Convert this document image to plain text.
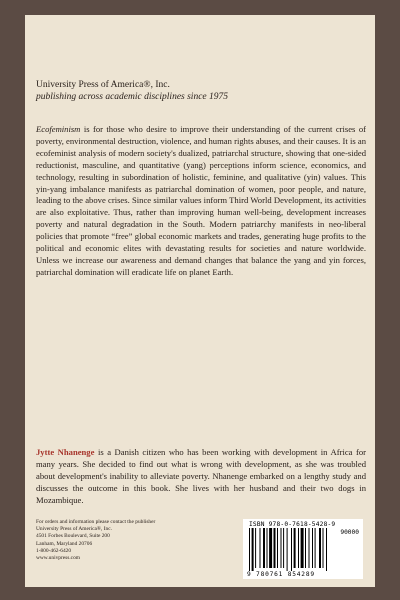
University Press of America®, Inc.
publishing across academic disciplines since 1975

Ecofeminism is for those who desire to improve their understanding of the current crises of poverty, environmental destruction, violence, and human rights abuses, and their causes. It is an ecofeminist analysis of modern society's dualized, patriarchal structure, showing that one-sided reductionist, masculine, and quantitative (yang) perceptions inform science, economics, and technology, resulting in subordination of holistic, feminine, and qualitative (yin) values. This yin-yang imbalance manifests as patriarchal domination of women, poor people, and nature, leading to the above crises. Since similar values inform Third World Development, its activities are also exploitative. Thus, rather than improving human well-being, development increases poverty and natural degradation in the South. Modern patriarchy manifests in neo-liberal policies that promote “free” global economic markets and trades, generating huge profits to the political and economic elites with devastating results for societies and nature worldwide. Unless we increase our awareness and demand changes that balance the yang and yin forces, patriarchal domination will eradicate life on planet Earth.

Jytte Nhanenge is a Danish citizen who has been working with development in Africa for many years. She decided to find out what is wrong with development, as she was troubled about development's inability to alleviate poverty. Nhanenge embarked on a lengthy study and discusses the outcome in this book. She lives with her husband and their two dogs in Mozambique.

For orders and information please contact the publisher
University Press of America®, Inc.
4501 Forbes Boulevard, Suite 200
Lanham, Maryland 20706
1-800-462-6420
www.univpress.com
ISBN 978-0-7618-5428-9
90000
9 780761 854289
